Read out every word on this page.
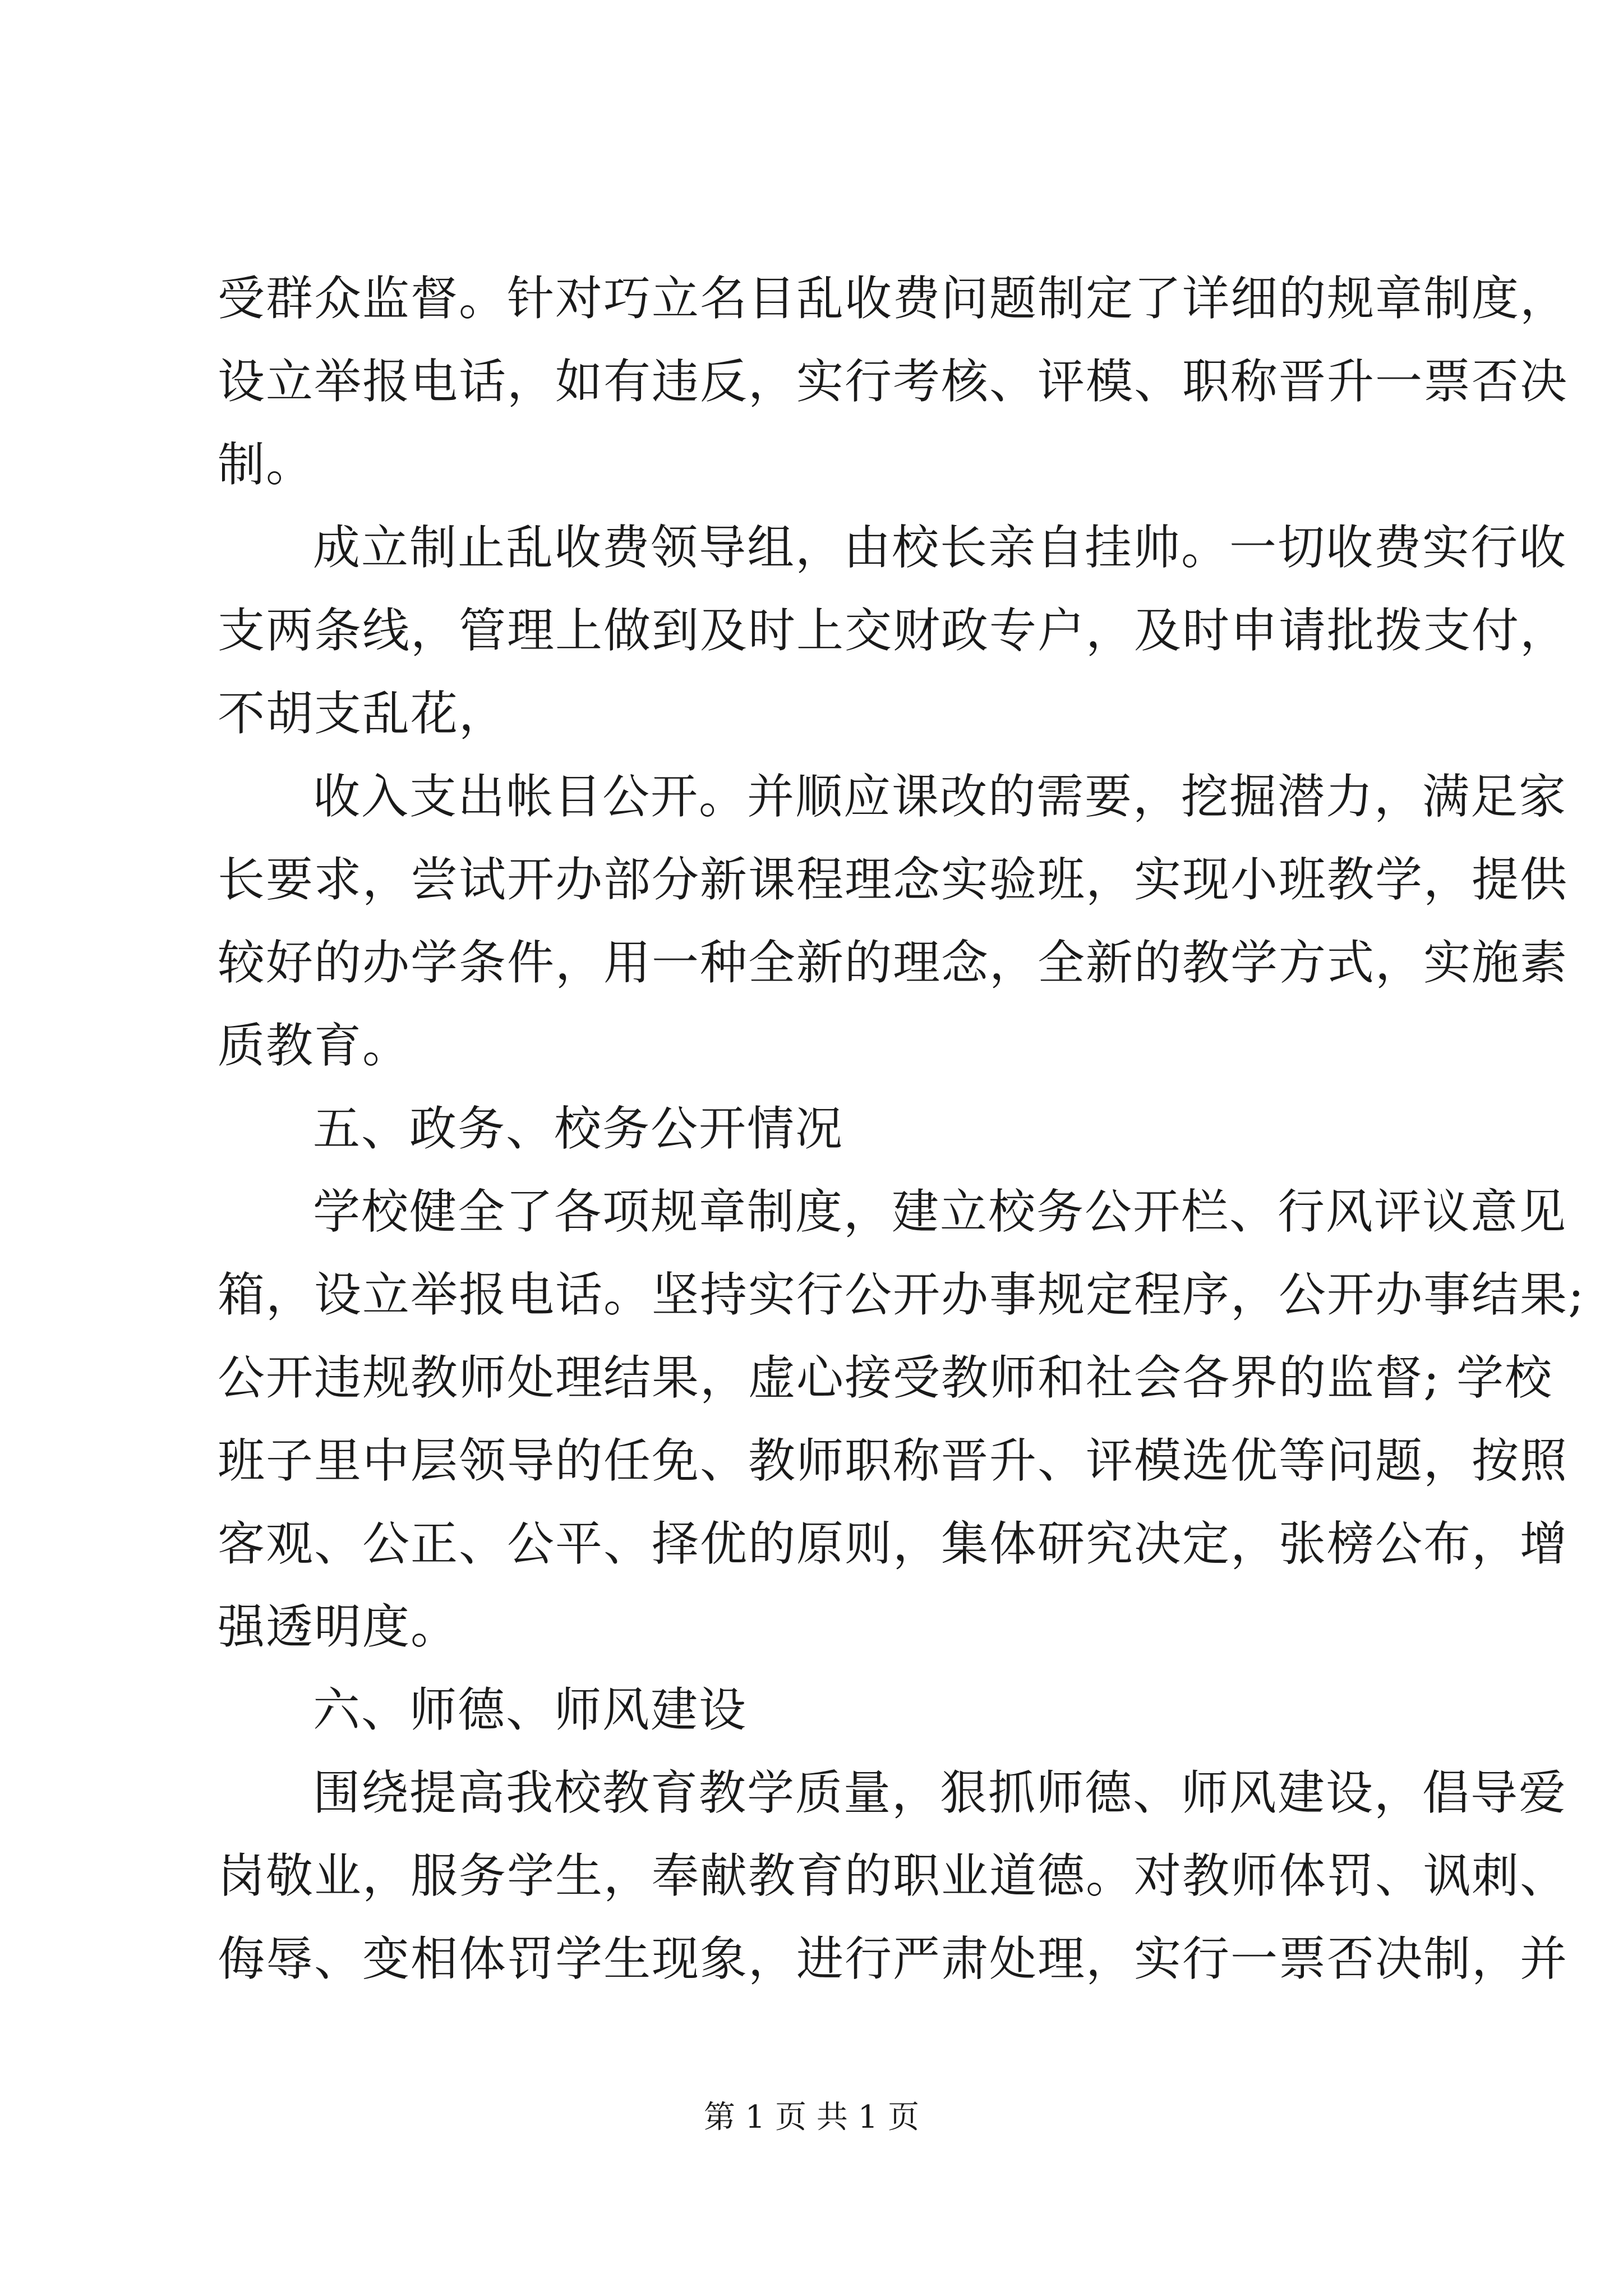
受群众监督。针对巧立名目乱收费问题制定了详细的规章制度，
设立举报电话，如有违反，实行考核、评模、职称晋升一票否决
制。
成立制止乱收费领导组，由校长亲自挂帅。一切收费实行收
支两条线，管理上做到及时上交财政专户，及时申请批拨支付，
不胡支乱花，
收入支出帐目公开。并顺应课改的需要，挖掘潜力，满足家
长要求，尝试开办部分新课程理念实验班，实现小班教学，提供
较好的办学条件，用一种全新的理念，全新的教学方式，实施素
质教育。
五、政务、校务公开情况
学校健全了各项规章制度，建立校务公开栏、行风评议意见
箱，设立举报电话。坚持实行公开办事规定程序，公开办事结果;
公开违规教师处理结果，虚心接受教师和社会各界的监督; 学校
班子里中层领导的任免、教师职称晋升、评模选优等问题，按照
客观、公正、公平、择优的原则，集体研究决定，张榜公布，增
强透明度。
六、师德、师风建设
围绕提高我校教育教学质量，狠抓师德、师风建设，倡导爱
岗敬业，服务学生，奉献教育的职业道德。对教师体罚、讽刺、
侮辱、变相体罚学生现象，进行严肃处理，实行一票否决制，并
第 1 页 共 1 页
